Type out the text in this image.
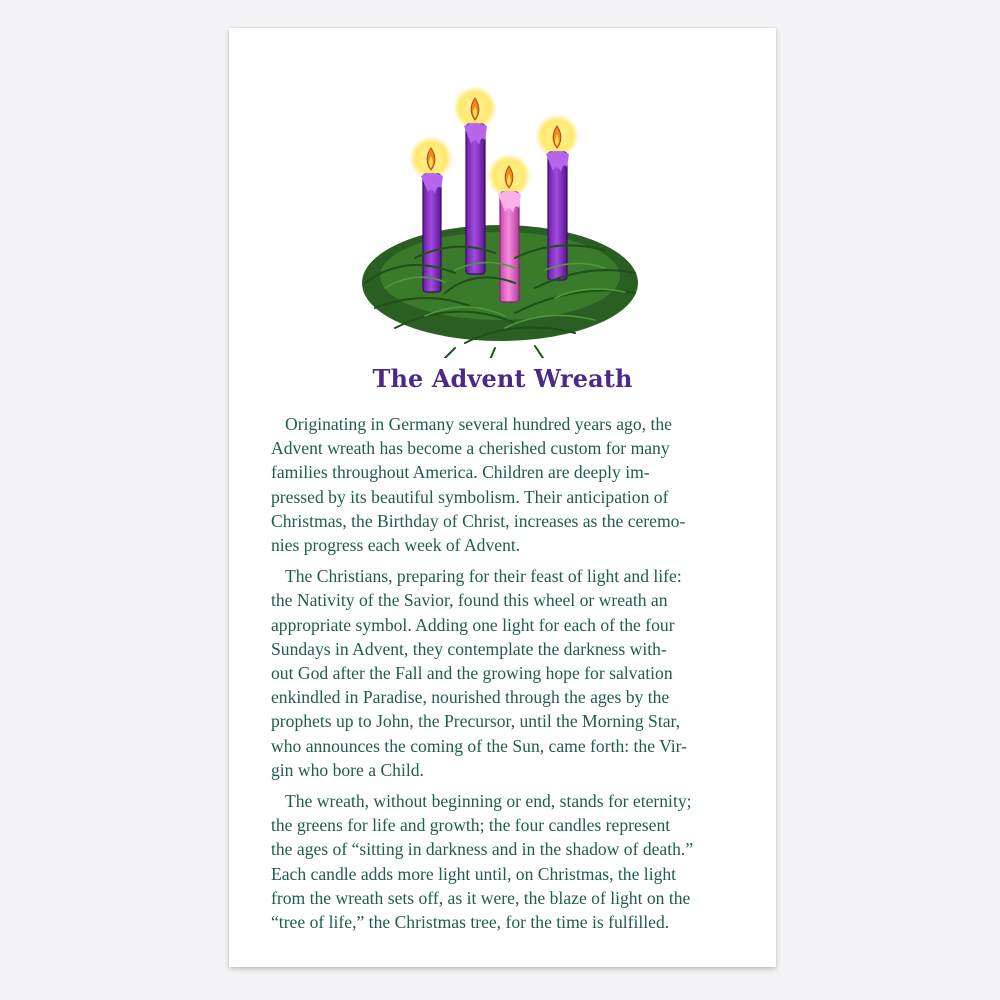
The Advent Wreath

Originating in Germany several hundred years ago, the
Advent wreath has become a cherished custom for many
families throughout America. Children are deeply im-
pressed by its beautiful symbolism. Their anticipation of
Christmas, the Birthday of Christ, increases as the ceremo-
nies progress each week of Advent.

The Christians, preparing for their feast of light and life:
the Nativity of the Savior, found this wheel or wreath an
appropriate symbol. Adding one light for each of the four
Sundays in Advent, they contemplate the darkness with-
out God after the Fall and the growing hope for salvation
enkindled in Paradise, nourished through the ages by the
prophets up to John, the Precursor, until the Morning Star,
who announces the coming of the Sun, came forth: the Vir-
gin who bore a Child.

The wreath, without beginning or end, stands for eternity;
the greens for life and growth; the four candles represent
the ages of “sitting in darkness and in the shadow of death.”
Each candle adds more light until, on Christmas, the light
from the wreath sets off, as it were, the blaze of light on the
“tree of life,” the Christmas tree, for the time is fulfilled.
